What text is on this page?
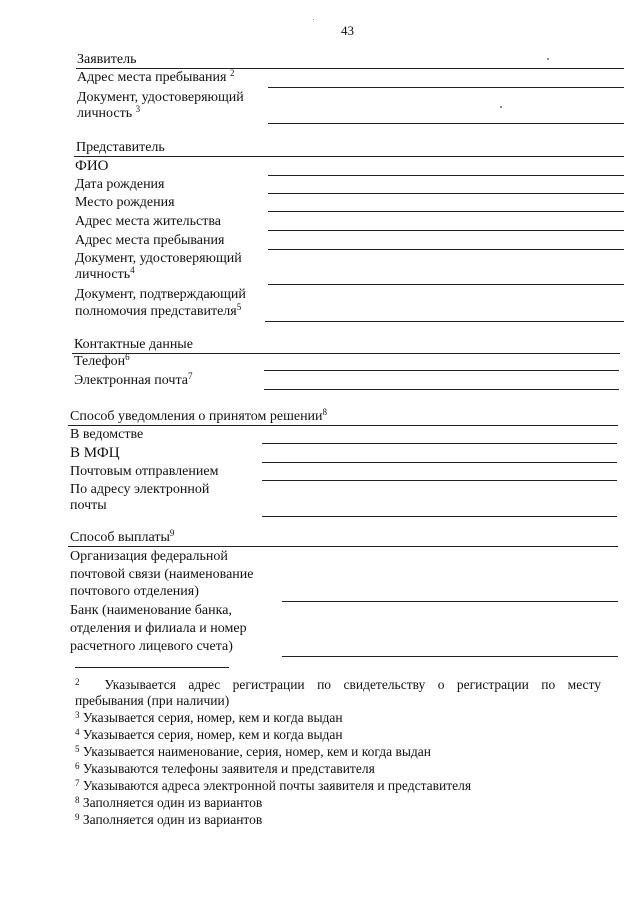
43
Заявитель
Адрес места пребывания $^2$
Документ, удостоверяющий
личность $^3$
Представитель
ФИО
Дата рождения
Место рождения
Адрес места жительства
Адрес места пребывания
Документ, удостоверяющий
личность$^4$
Документ, подтверждающий
полномочия представителя$^5$
Контактные данные
Телефон$^6$
Электронная почта$^7$
Способ уведомления о принятом решении$^8$
В ведомстве
В МФЦ
Почтовым отправлением
По адресу электронной
почты
Способ выплаты$^9$
Организация федеральной
почтовой связи (наименование
почтового отделения)
Банк (наименование банка,
отделения и филиала и номер
расчетного лицевого счета)
$^2$ Указывается адрес регистрации по свидетельству о регистрации по месту
пребывания (при наличии)
$^3$ Указывается серия, номер, кем и когда выдан
$^4$ Указывается серия, номер, кем и когда выдан
$^5$ Указывается наименование, серия, номер, кем и когда выдан
$^6$ Указываются телефоны заявителя и представителя
$^7$ Указываются адреса электронной почты заявителя и представителя
$^8$ Заполняется один из вариантов
$^9$ Заполняется один из вариантов
